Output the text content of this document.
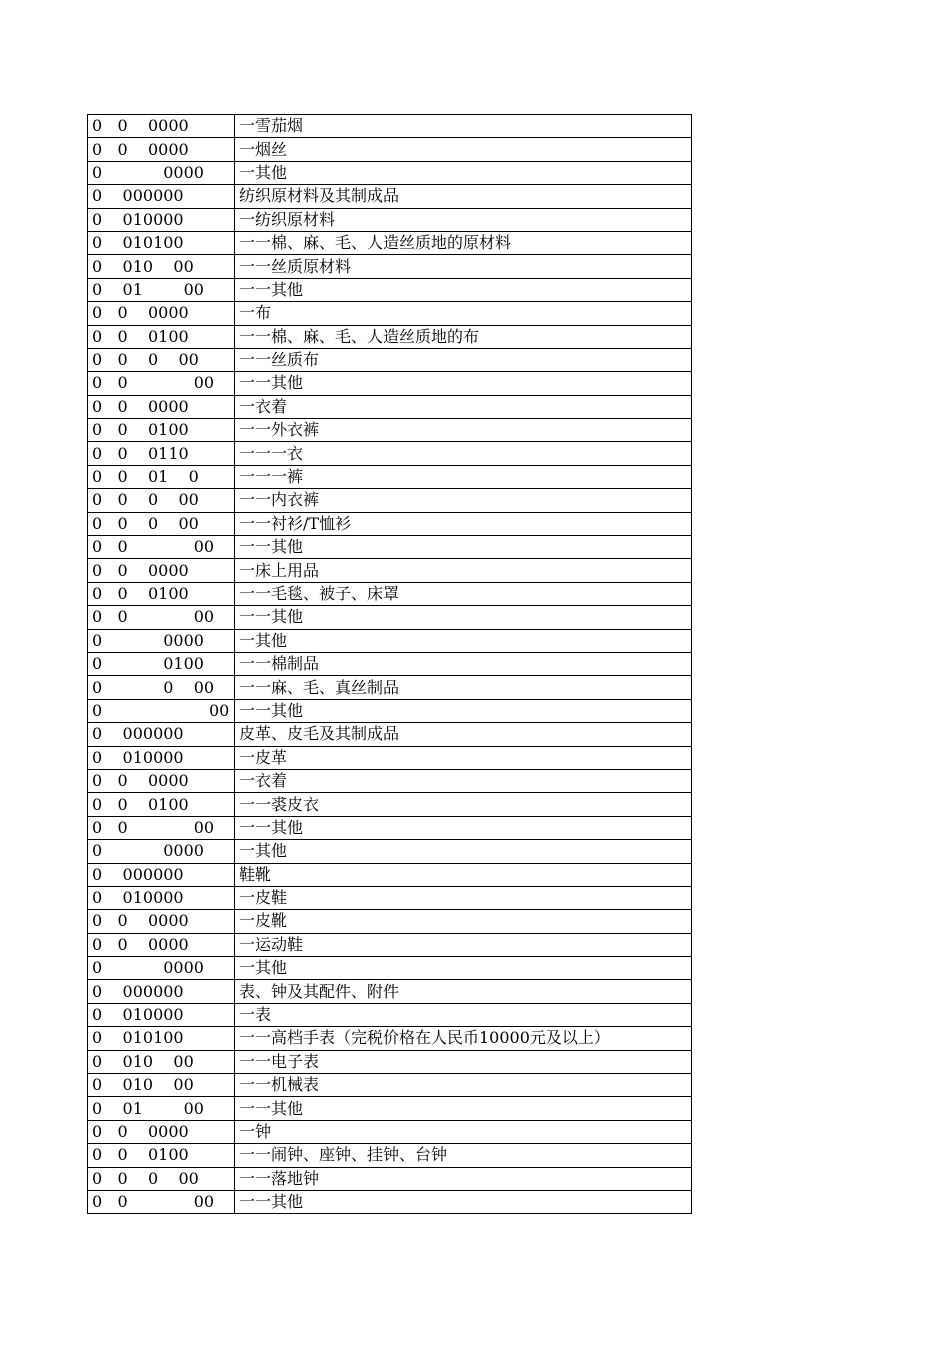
0   0    0000	一雪茄烟
0   0    0000	一烟丝
0            0000	一其他
0    000000	纺织原材料及其制成品
0    010000	一纺织原材料
0    010100	一一棉、麻、毛、人造丝质地的原材料
0    010    00	一一丝质原材料
0    01        00	一一其他
0   0    0000	一布
0   0    0100	一一棉、麻、毛、人造丝质地的布
0   0    0    00	一一丝质布
0   0             00	一一其他
0   0    0000	一衣着
0   0    0100	一一外衣裤
0   0    0110	一一一衣
0   0    01    0	一一一裤
0   0    0    00	一一内衣裤
0   0    0    00	一一衬衫/T恤衫
0   0             00	一一其他
0   0    0000	一床上用品
0   0    0100	一一毛毯、被子、床罩
0   0             00	一一其他
0            0000	一其他
0            0100	一一棉制品
0            0    00	一一麻、毛、真丝制品
0                     00	一一其他
0    000000	皮革、皮毛及其制成品
0    010000	一皮革
0   0    0000	一衣着
0   0    0100	一一裘皮衣
0   0             00	一一其他
0            0000	一其他
0    000000	鞋靴
0    010000	一皮鞋
0   0    0000	一皮靴
0   0    0000	一运动鞋
0            0000	一其他
0    000000	表、钟及其配件、附件
0    010000	一表
0    010100	一一高档手表（完税价格在人民币10000元及以上）
0    010    00	一一电子表
0    010    00	一一机械表
0    01        00	一一其他
0   0    0000	一钟
0   0    0100	一一闹钟、座钟、挂钟、台钟
0   0    0    00	一一落地钟
0   0             00	一一其他
